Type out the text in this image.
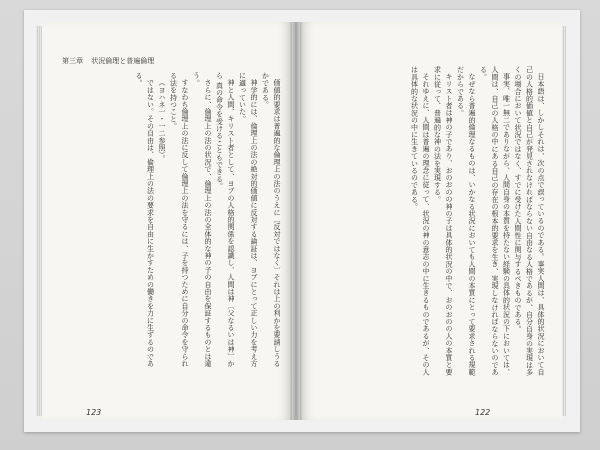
第三章 状況倫理と普遍倫理

価値的要求は普遍的な倫理上の法のうえに〔反対ではなく〕それは上の利かを要請しうるかである。

神学的には、倫理上の法の絶対的価値に反対する論証は、ヨブにとって正しい力を考え方に適っていた。

神と人間、キリスト者として、ヨブの人格的関係を認識し、人間は神〔父なるいは神〕から 真の命令を受けることもできる。

さらに、倫理上の法の状況で、倫理上の法の全体的な神の子の自由を保証するものとは違う。

すなわち倫理上の法に反して倫理上の法を守るには、子を持つために自分の命令を守られる法を持つこと。

（ヨハネ一・一二参照）。

ではない。その自由は、倫理上の法の要求を自由に生かすための働きを力に生ずるのである。	日本語は、しかしそれは、次の点で誤っているのである。事実人間は、具体的状況において自己の人格的価値と自己が発見されなければならない自由なる人格であるが、自分自身の実現は多くの場合において状況ではなく、すでに受けた人間性に関与するべきものである。

事実、唯一無二でありながら、人間自身の本質を持たない経験の具体的状況の下においては、人間は、自己の人格の中にある自己の存在の根本的要求を生き、実現しなければならないのである。

なぜなら普遍的倫理なるものは、いかなる状況においても人間の本質にとって要求される規範だからである。

キリスト者は神の子であり、おのおのの神の子は具体的状況の中で、おのおのの人の本質と要求に従って、普遍的な神の法を実現する。

それゆえに、人間は普遍の理念に従って、状況の神の意志の中に生きるものであるが、その人は具体的な状況の中に生きているのである。

123	122
